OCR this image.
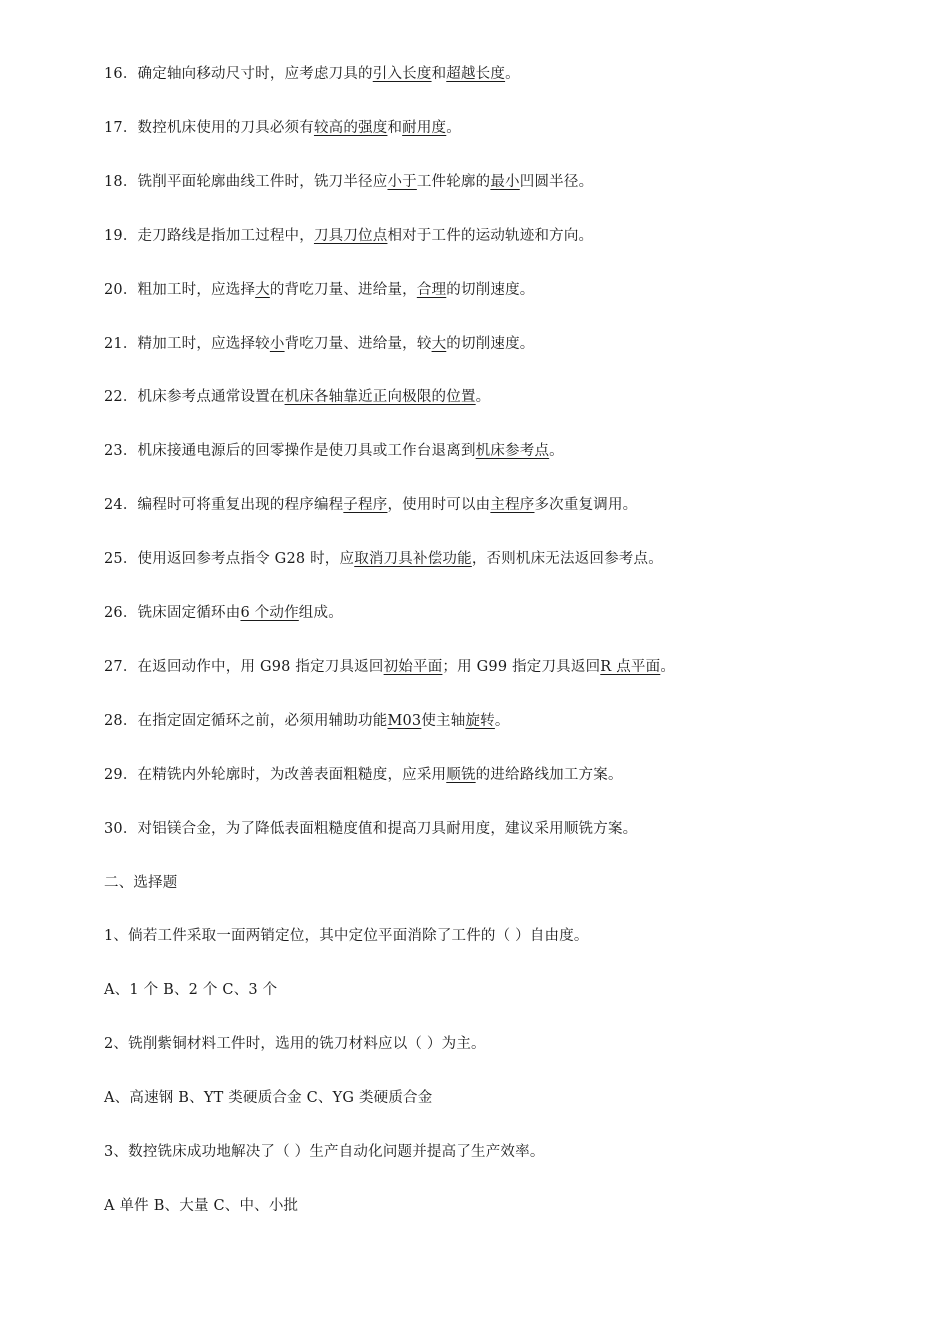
16．确定轴向移动尺寸时，应考虑刀具的引入长度和超越长度。
17．数控机床使用的刀具必须有较高的强度和耐用度。
18．铣削平面轮廓曲线工件时，铣刀半径应小于工件轮廓的最小凹圆半径。
19．走刀路线是指加工过程中，刀具刀位点相对于工件的运动轨迹和方向。
20．粗加工时，应选择大的背吃刀量、进给量，合理的切削速度。
21．精加工时，应选择较小背吃刀量、进给量，较大的切削速度。
22．机床参考点通常设置在机床各轴靠近正向极限的位置。
23．机床接通电源后的回零操作是使刀具或工作台退离到机床参考点。
24．编程时可将重复出现的程序编程子程序，使用时可以由主程序多次重复调用。
25．使用返回参考点指令 G28 时，应取消刀具补偿功能，否则机床无法返回参考点。
26．铣床固定循环由6 个动作组成。
27．在返回动作中，用 G98 指定刀具返回初始平面；用 G99 指定刀具返回R 点平面。
28．在指定固定循环之前，必须用辅助功能M03使主轴旋转。
29．在精铣内外轮廓时，为改善表面粗糙度，应采用顺铣的进给路线加工方案。
30．对铝镁合金，为了降低表面粗糙度值和提高刀具耐用度，建议采用顺铣方案。
二、选择题
1、倘若工件采取一面两销定位，其中定位平面消除了工件的（ ）自由度。
A、1 个 B、2 个 C、3 个
2、铣削紫铜材料工件时，选用的铣刀材料应以（ ）为主。
A、高速钢 B、YT 类硬质合金 C、YG 类硬质合金
3、数控铣床成功地解决了（ ）生产自动化问题并提高了生产效率。
A 单件 B、大量 C、中、小批
